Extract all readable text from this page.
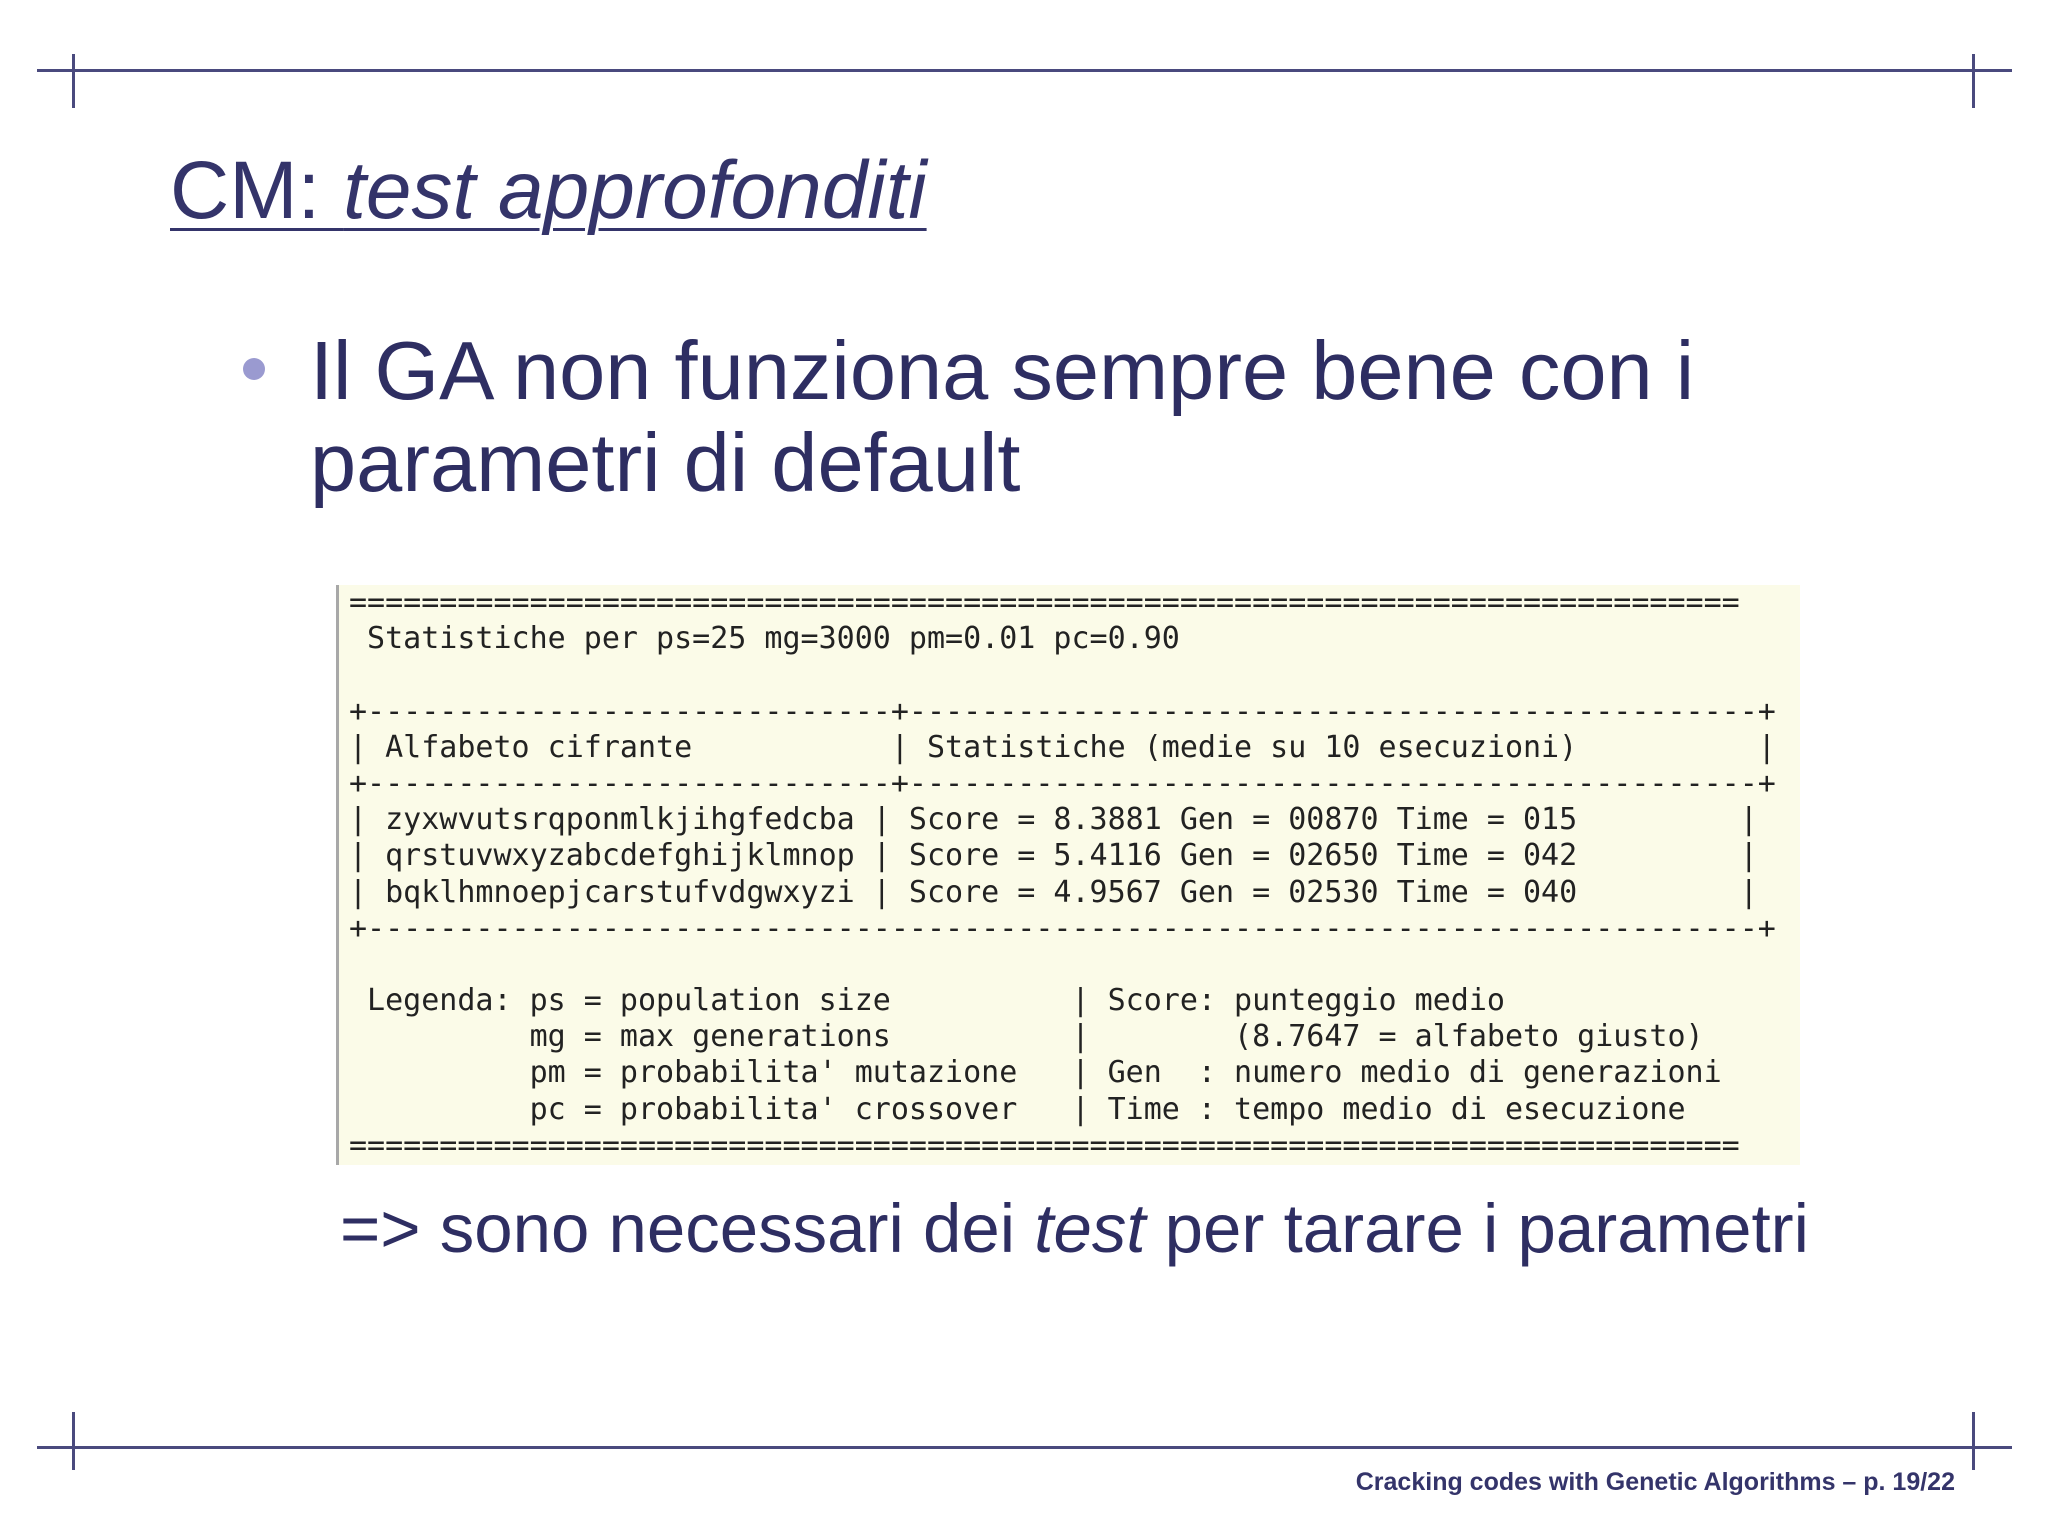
CM: test approfonditi
Il GA non funziona sempre bene con i parametri di default
=============================================================================
Statistiche per ps=25 mg=3000 pm=0.01 pc=0.90
+-----------------------------+-----------------------------------------------+
| Alfabeto cifrante           | Statistiche (medie su 10 esecuzioni)          |
+-----------------------------+-----------------------------------------------+
| zyxwvutsrqponmlkjihgfedcba | Score = 8.3881 Gen = 00870 Time = 015         |
| qrstuvwxyzabcdefghijklmnop | Score = 5.4116 Gen = 02650 Time = 042         |
| bqklhmnoepjcarstufvdgwxyzi | Score = 4.9567 Gen = 02530 Time = 040         |
+-----------------------------------------------------------------------------+
Legenda: ps = population size          | Score: punteggio medio
mg = max generations          |        (8.7647 = alfabeto giusto)
pm = probabilita' mutazione   | Gen  : numero medio di generazioni
pc = probabilita' crossover   | Time : tempo medio di esecuzione
=============================================================================
=> sono necessari dei test per tarare i parametri
Cracking codes with Genetic Algorithms – p. 19/22
